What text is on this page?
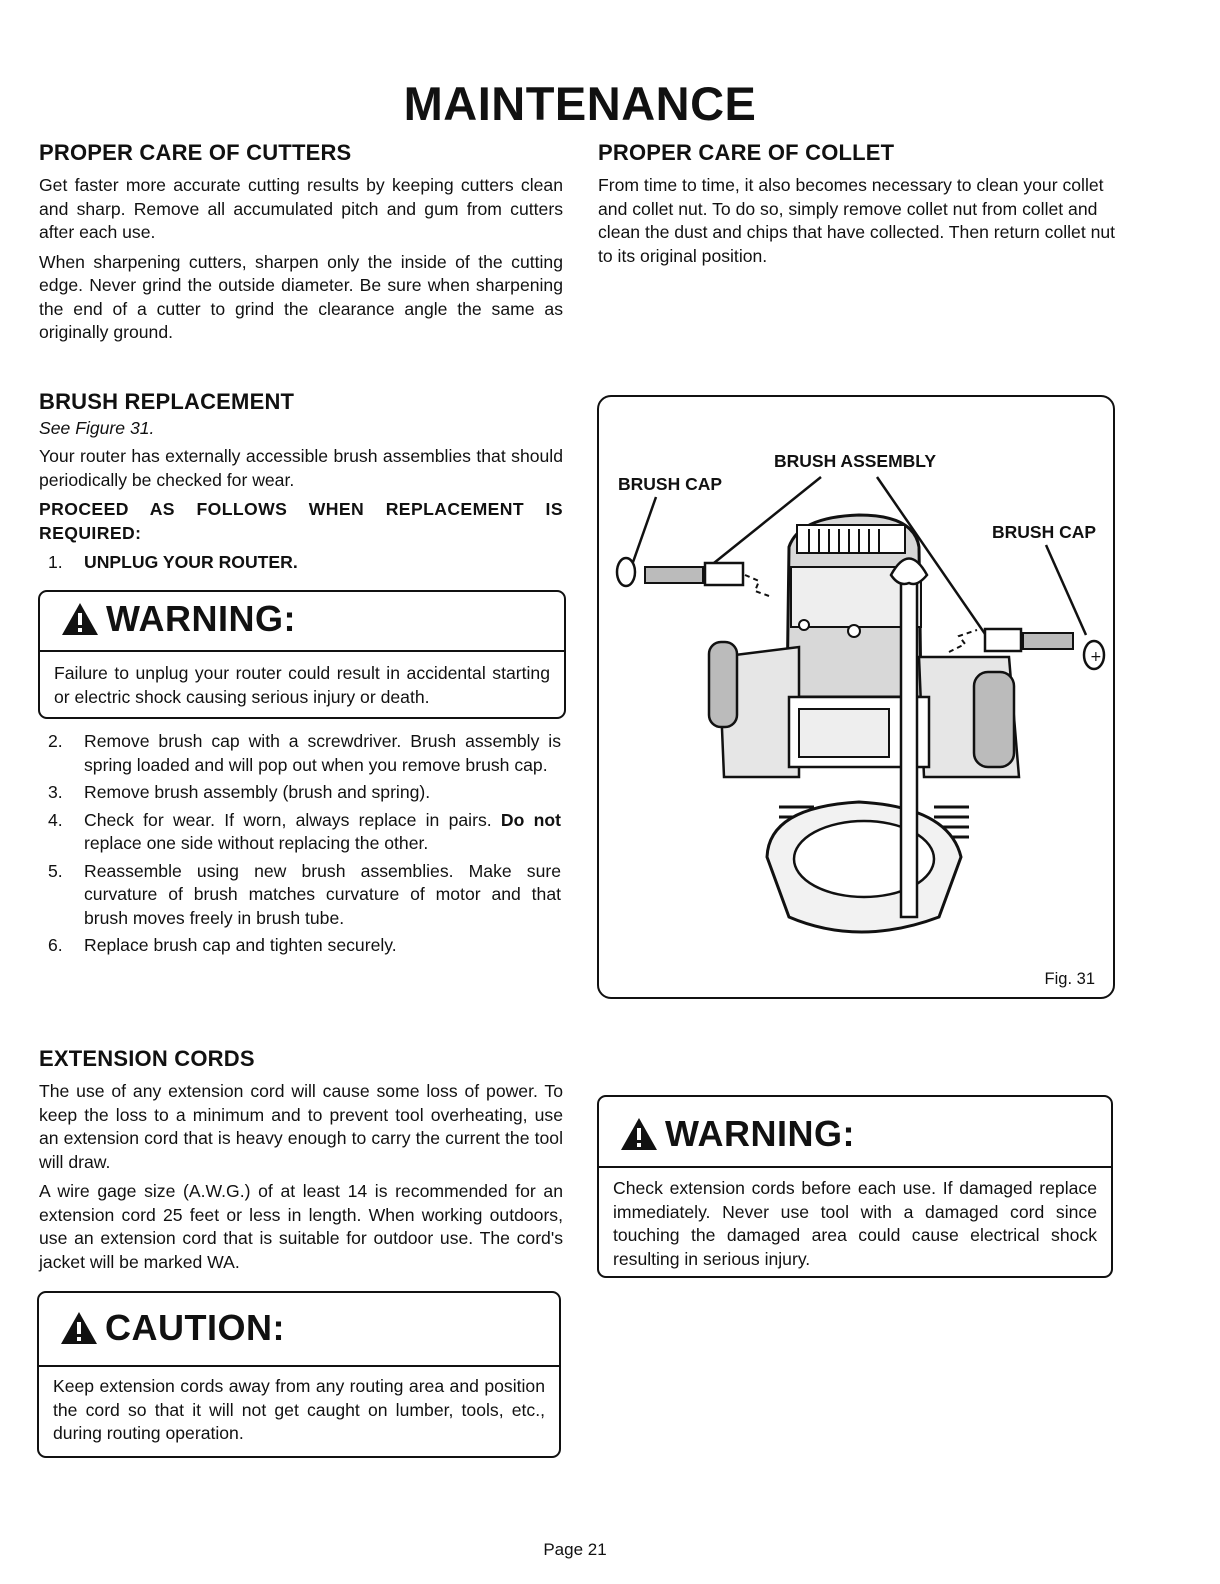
MAINTENANCE
PROPER CARE OF CUTTERS

Get faster more accurate cutting results by keeping cutters clean and sharp. Remove all accumulated pitch and gum from cutters after each use.

When sharpening cutters, sharpen only the inside of the cutting edge. Never grind the outside diameter. Be sure when sharpening the end of a cutter to grind the clearance angle the same as originally ground.

PROPER CARE OF COLLET

From time to time, it also becomes necessary to clean your collet and collet nut. To do so, simply remove collet nut from collet and clean the dust and chips that have collected. Then return collet nut to its original position.

BRUSH REPLACEMENT
See Figure 31.

Your router has externally accessible brush assemblies that should periodically be checked for wear.

PROCEED AS FOLLOWS WHEN REPLACEMENT IS REQUIRED:

1. UNPLUG YOUR ROUTER.
WARNING:

Failure to unplug your router could result in accidental starting or electric shock causing serious injury or death.

2. Remove brush cap with a screwdriver. Brush assembly is spring loaded and will pop out when you remove brush cap.
3. Remove brush assembly (brush and spring).
4. Check for wear. If worn, always replace in pairs. Do not replace one side without replacing the other.
5. Reassemble using new brush assemblies. Make sure curvature of brush matches curvature of motor and that brush moves freely in brush tube.
6. Replace brush cap and tighten securely.
BRUSH ASSEMBLY
BRUSH CAP
BRUSH CAP
+
Fig. 31
EXTENSION CORDS

The use of any extension cord will cause some loss of power. To keep the loss to a minimum and to prevent tool overheating, use an extension cord that is heavy enough to carry the current the tool will draw.

A wire gage size (A.W.G.) of at least 14 is recommended for an extension cord 25 feet or less in length. When working outdoors, use an extension cord that is suitable for outdoor use. The cord's jacket will be marked WA.

CAUTION:

Keep extension cords away from any routing area and position the cord so that it will not get caught on lumber, tools, etc., during routing operation.

WARNING:

Check extension cords before each use. If damaged replace immediately. Never use tool with a damaged cord since touching the damaged area could cause electrical shock resulting in serious injury.

Page 21
